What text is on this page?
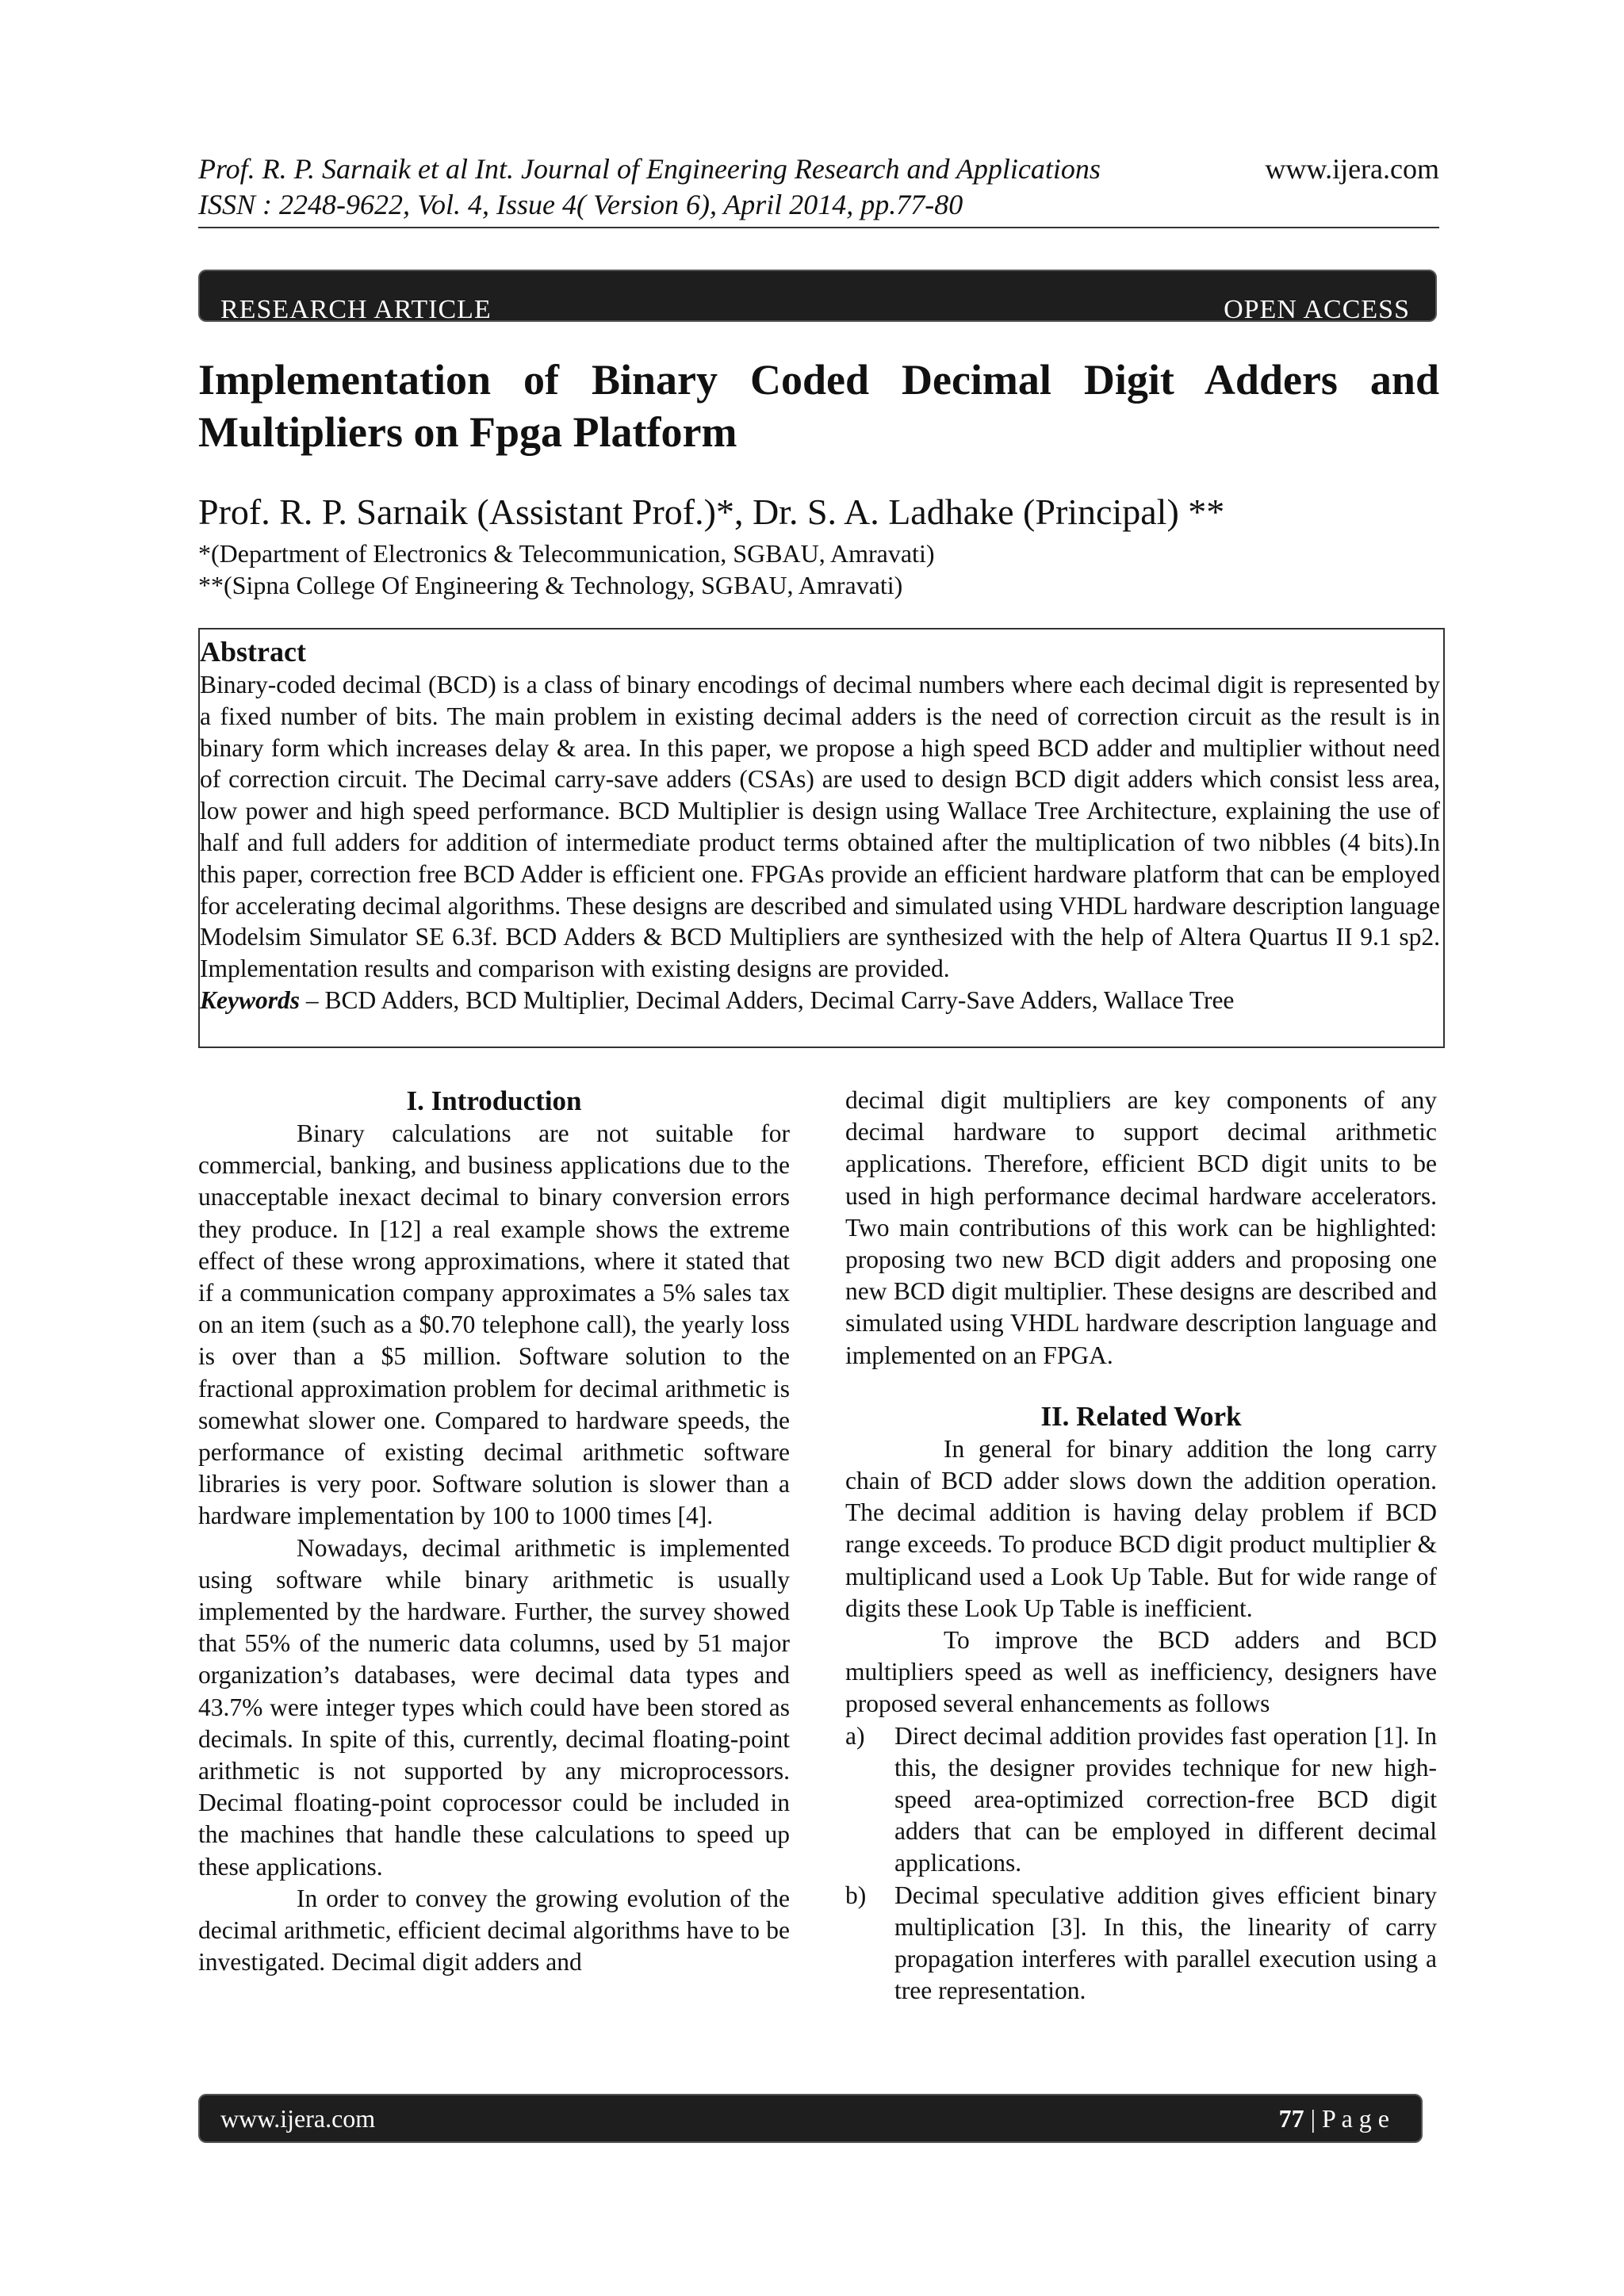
Prof. R. P. Sarnaik et al Int. Journal of Engineering Research and Applications	www.ijera.com
ISSN : 2248-9622, Vol. 4, Issue 4( Version 6), April 2014, pp.77-80
RESEARCH ARTICLE	OPEN ACCESS
Implementation of Binary Coded Decimal Digit Adders and Multipliers on Fpga Platform
Prof. R. P. Sarnaik (Assistant Prof.)*, Dr. S. A. Ladhake (Principal) **
*(Department of Electronics & Telecommunication, SGBAU, Amravati)
**(Sipna College Of Engineering & Technology, SGBAU, Amravati)
Abstract
Binary-coded decimal (BCD) is a class of binary encodings of decimal numbers where each decimal digit is represented by a fixed number of bits. The main problem in existing decimal adders is the need of correction circuit as the result is in binary form which increases delay & area. In this paper, we propose a high speed BCD adder and multiplier without need of correction circuit. The Decimal carry-save adders (CSAs) are used to design BCD digit adders which consist less area, low power and high speed performance. BCD Multiplier is design using Wallace Tree Architecture, explaining the use of half and full adders for addition of intermediate product terms obtained after the multiplication of two nibbles (4 bits).In this paper, correction free BCD Adder is efficient one. FPGAs provide an efficient hardware platform that can be employed for accelerating decimal algorithms. These designs are described and simulated using VHDL hardware description language Modelsim Simulator SE 6.3f. BCD Adders & BCD Multipliers are synthesized with the help of Altera Quartus II 9.1 sp2. Implementation results and comparison with existing designs are provided.
Keywords – BCD Adders, BCD Multiplier, Decimal Adders, Decimal Carry-Save Adders, Wallace Tree

I. Introduction

Binary calculations are not suitable for commercial, banking, and business applications due to the unacceptable inexact decimal to binary conversion errors they produce. In [12] a real example shows the extreme effect of these wrong approximations, where it stated that if a communication company approximates a 5% sales tax on an item (such as a $0.70 telephone call), the yearly loss is over than a $5 million. Software solution to the fractional approximation problem for decimal arithmetic is somewhat slower one. Compared to hardware speeds, the performance of existing decimal arithmetic software libraries is very poor. Software solution is slower than a hardware implementation by 100 to 1000 times [4].

Nowadays, decimal arithmetic is implemented using software while binary arithmetic is usually implemented by the hardware. Further, the survey showed that 55% of the numeric data columns, used by 51 major organization’s databases, were decimal data types and 43.7% were integer types which could have been stored as decimals. In spite of this, currently, decimal floating-point arithmetic is not supported by any microprocessors. Decimal floating-point coprocessor could be included in the machines that handle these calculations to speed up these applications.

In order to convey the growing evolution of the decimal arithmetic, efficient decimal algorithms have to be investigated. Decimal digit adders and

decimal digit multipliers are key components of any decimal hardware to support decimal arithmetic applications. Therefore, efficient BCD digit units to be used in high performance decimal hardware accelerators. Two main contributions of this work can be highlighted: proposing two new BCD digit adders and proposing one new BCD digit multiplier. These designs are described and simulated using VHDL hardware description language and implemented on an FPGA.

II. Related Work

In general for binary addition the long carry chain of BCD adder slows down the addition operation. The decimal addition is having delay problem if BCD range exceeds. To produce BCD digit product multiplier & multiplicand used a Look Up Table. But for wide range of digits these Look Up Table is inefficient.

To improve the BCD adders and BCD multipliers speed as well as inefficiency, designers have proposed several enhancements as follows

a)	Direct decimal addition provides fast operation [1]. In this, the designer provides technique for new high-speed area-optimized correction-free BCD digit adders that can be employed in different decimal applications.
b)	Decimal speculative addition gives efficient binary multiplication [3]. In this, the linearity of carry propagation interferes with parallel execution using a tree representation.
www.ijera.com	77 | P a g e
